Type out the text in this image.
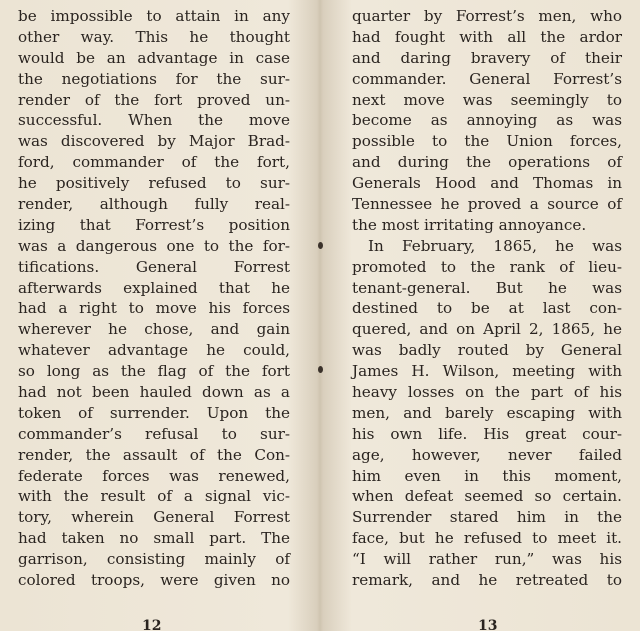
be impossible to attain in any
other way. This he thought
would be an advantage in case
the negotiations for the sur-
render of the fort proved un-
successful. When the move
was discovered by Major Brad-
ford, commander of the fort,
he positively refused to sur-
render, although fully real-
izing that Forrest’s position
was a dangerous one to the for-
tifications. General Forrest
afterwards explained that he
had a right to move his forces
wherever he chose, and gain
whatever advantage he could,
so long as the flag of the fort
had not been hauled down as a
token of surrender. Upon the
commander’s refusal to sur-
render, the assault of the Con-
federate forces was renewed,
with the result of a signal vic-
tory, wherein General Forrest
had taken no small part. The
garrison, consisting mainly of
colored troops, were given no
12
quarter by Forrest’s men, who
had fought with all the ardor
and daring bravery of their
commander. General Forrest’s
next move was seemingly to
become as annoying as was
possible to the Union forces,
and during the operations of
Generals Hood and Thomas in
Tennessee he proved a source of
the most irritating annoyance.
In February, 1865, he was
promoted to the rank of lieu-
tenant-general. But he was
destined to be at last con-
quered, and on April 2, 1865, he
was badly routed by General
James H. Wilson, meeting with
heavy losses on the part of his
men, and barely escaping with
his own life. His great cour-
age, however, never failed
him even in this moment,
when defeat seemed so certain.
Surrender stared him in the
face, but he refused to meet it.
“I will rather run,” was his
remark, and he retreated to
13
